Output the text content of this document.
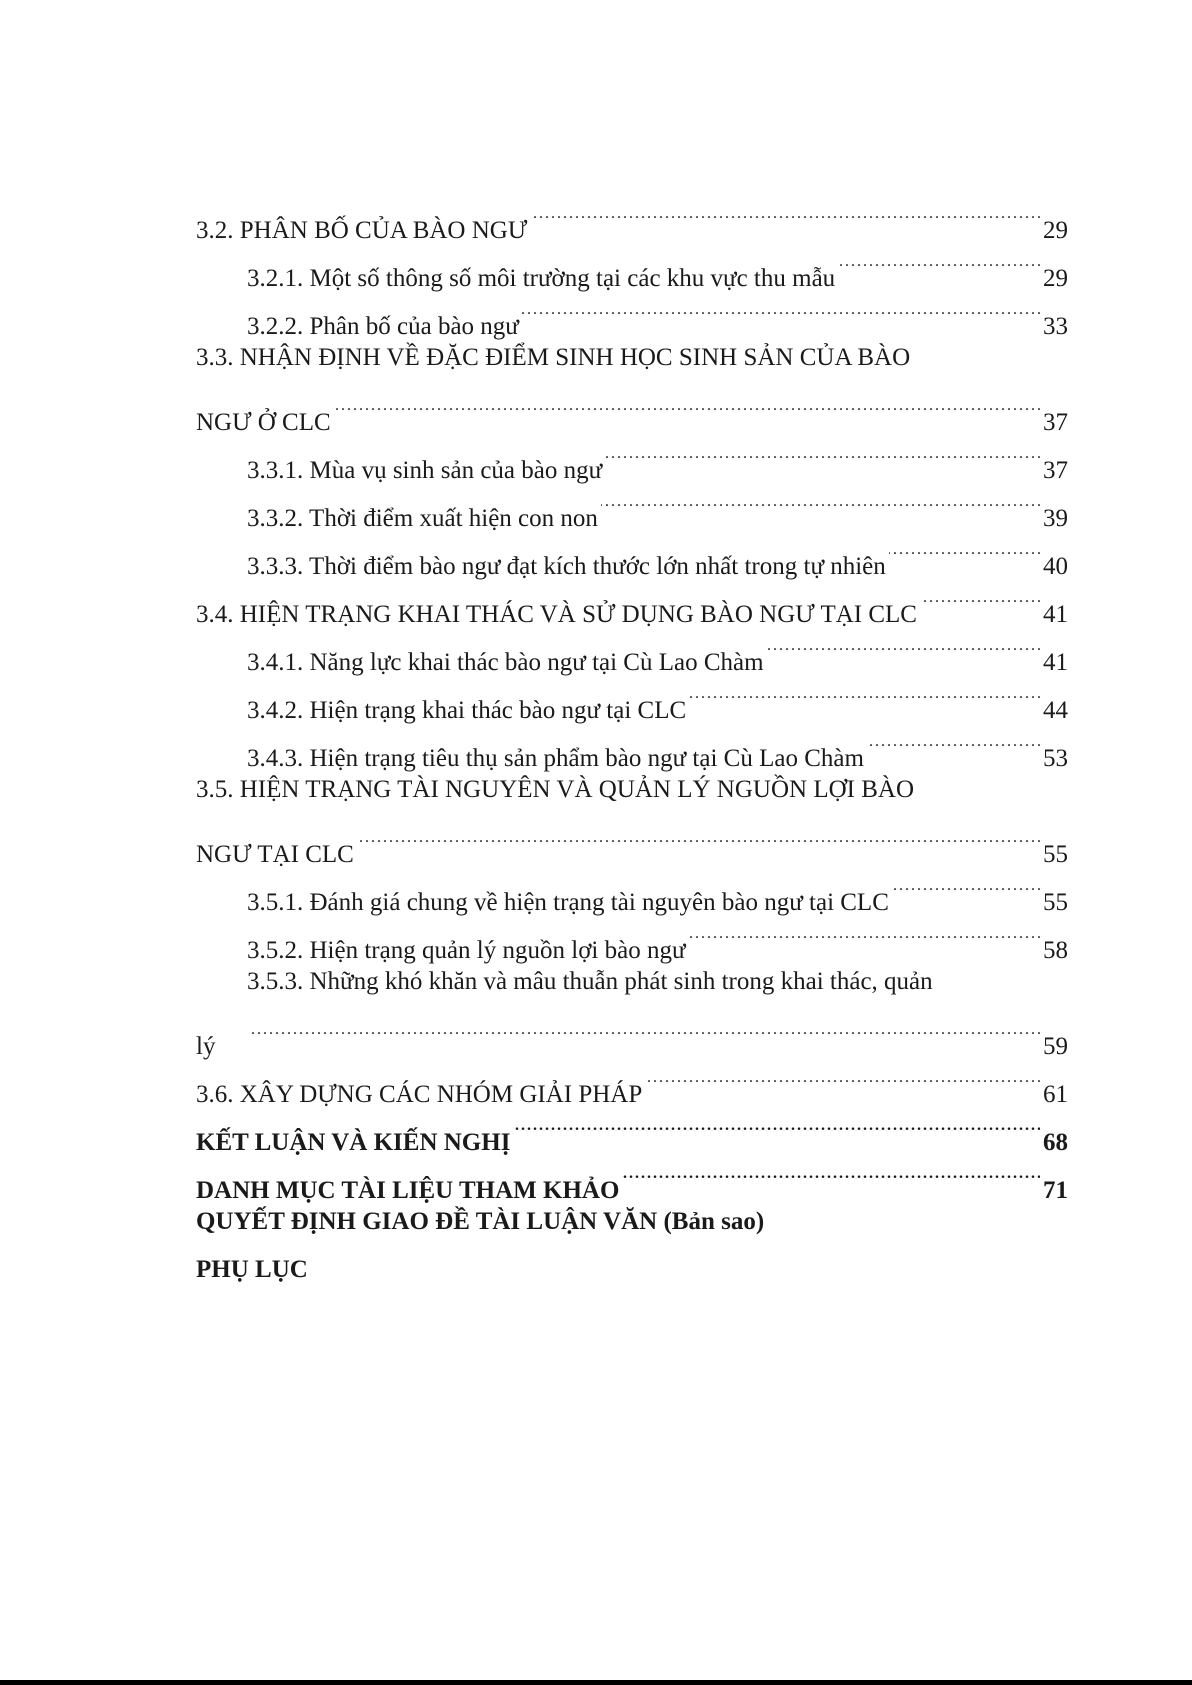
3.2. PHÂN BỐ CỦA BÀO NGƯ . . .	29
3.2.1. Một số thông số môi trường tại các khu vực thu mẫu . . .	29
3.2.2. Phân bố của bào ngư . . .	33
3.3. NHẬN ĐỊNH VỀ ĐẶC ĐIỂM SINH HỌC SINH SẢN CỦA BÀO
NGƯ Ở CLC . . .	37
3.3.1. Mùa vụ sinh sản của bào ngư . . .	37
3.3.2. Thời điểm xuất hiện con non . . .	39
3.3.3. Thời điểm bào ngư đạt kích thước lớn nhất trong tự nhiên . . .	40
3.4. HIỆN TRẠNG KHAI THÁC VÀ SỬ DỤNG BÀO NGƯ TẠI CLC . . .	41
3.4.1. Năng lực khai thác bào ngư tại Cù Lao Chàm . . .	41
3.4.2. Hiện trạng khai thác bào ngư tại CLC . . .	44
3.4.3. Hiện trạng tiêu thụ sản phẩm bào ngư tại Cù Lao Chàm . . .	53
3.5. HIỆN TRẠNG TÀI NGUYÊN VÀ QUẢN LÝ NGUỒN LỢI BÀO
NGƯ TẠI CLC . . .	55
3.5.1. Đánh giá chung về hiện trạng tài nguyên bào ngư tại CLC . . .	55
3.5.2. Hiện trạng quản lý nguồn lợi bào ngư . . .	58
3.5.3. Những khó khăn và mâu thuẫn phát sinh trong khai thác, quản
lý . . .	59
3.6. XÂY DỰNG CÁC NHÓM GIẢI PHÁP . . .	61
KẾT LUẬN VÀ KIẾN NGHỊ . . .	68
DANH MỤC TÀI LIỆU THAM KHẢO . . .	71
QUYẾT ĐỊNH GIAO ĐỀ TÀI LUẬN VĂN (Bản sao)
PHỤ LỤC
